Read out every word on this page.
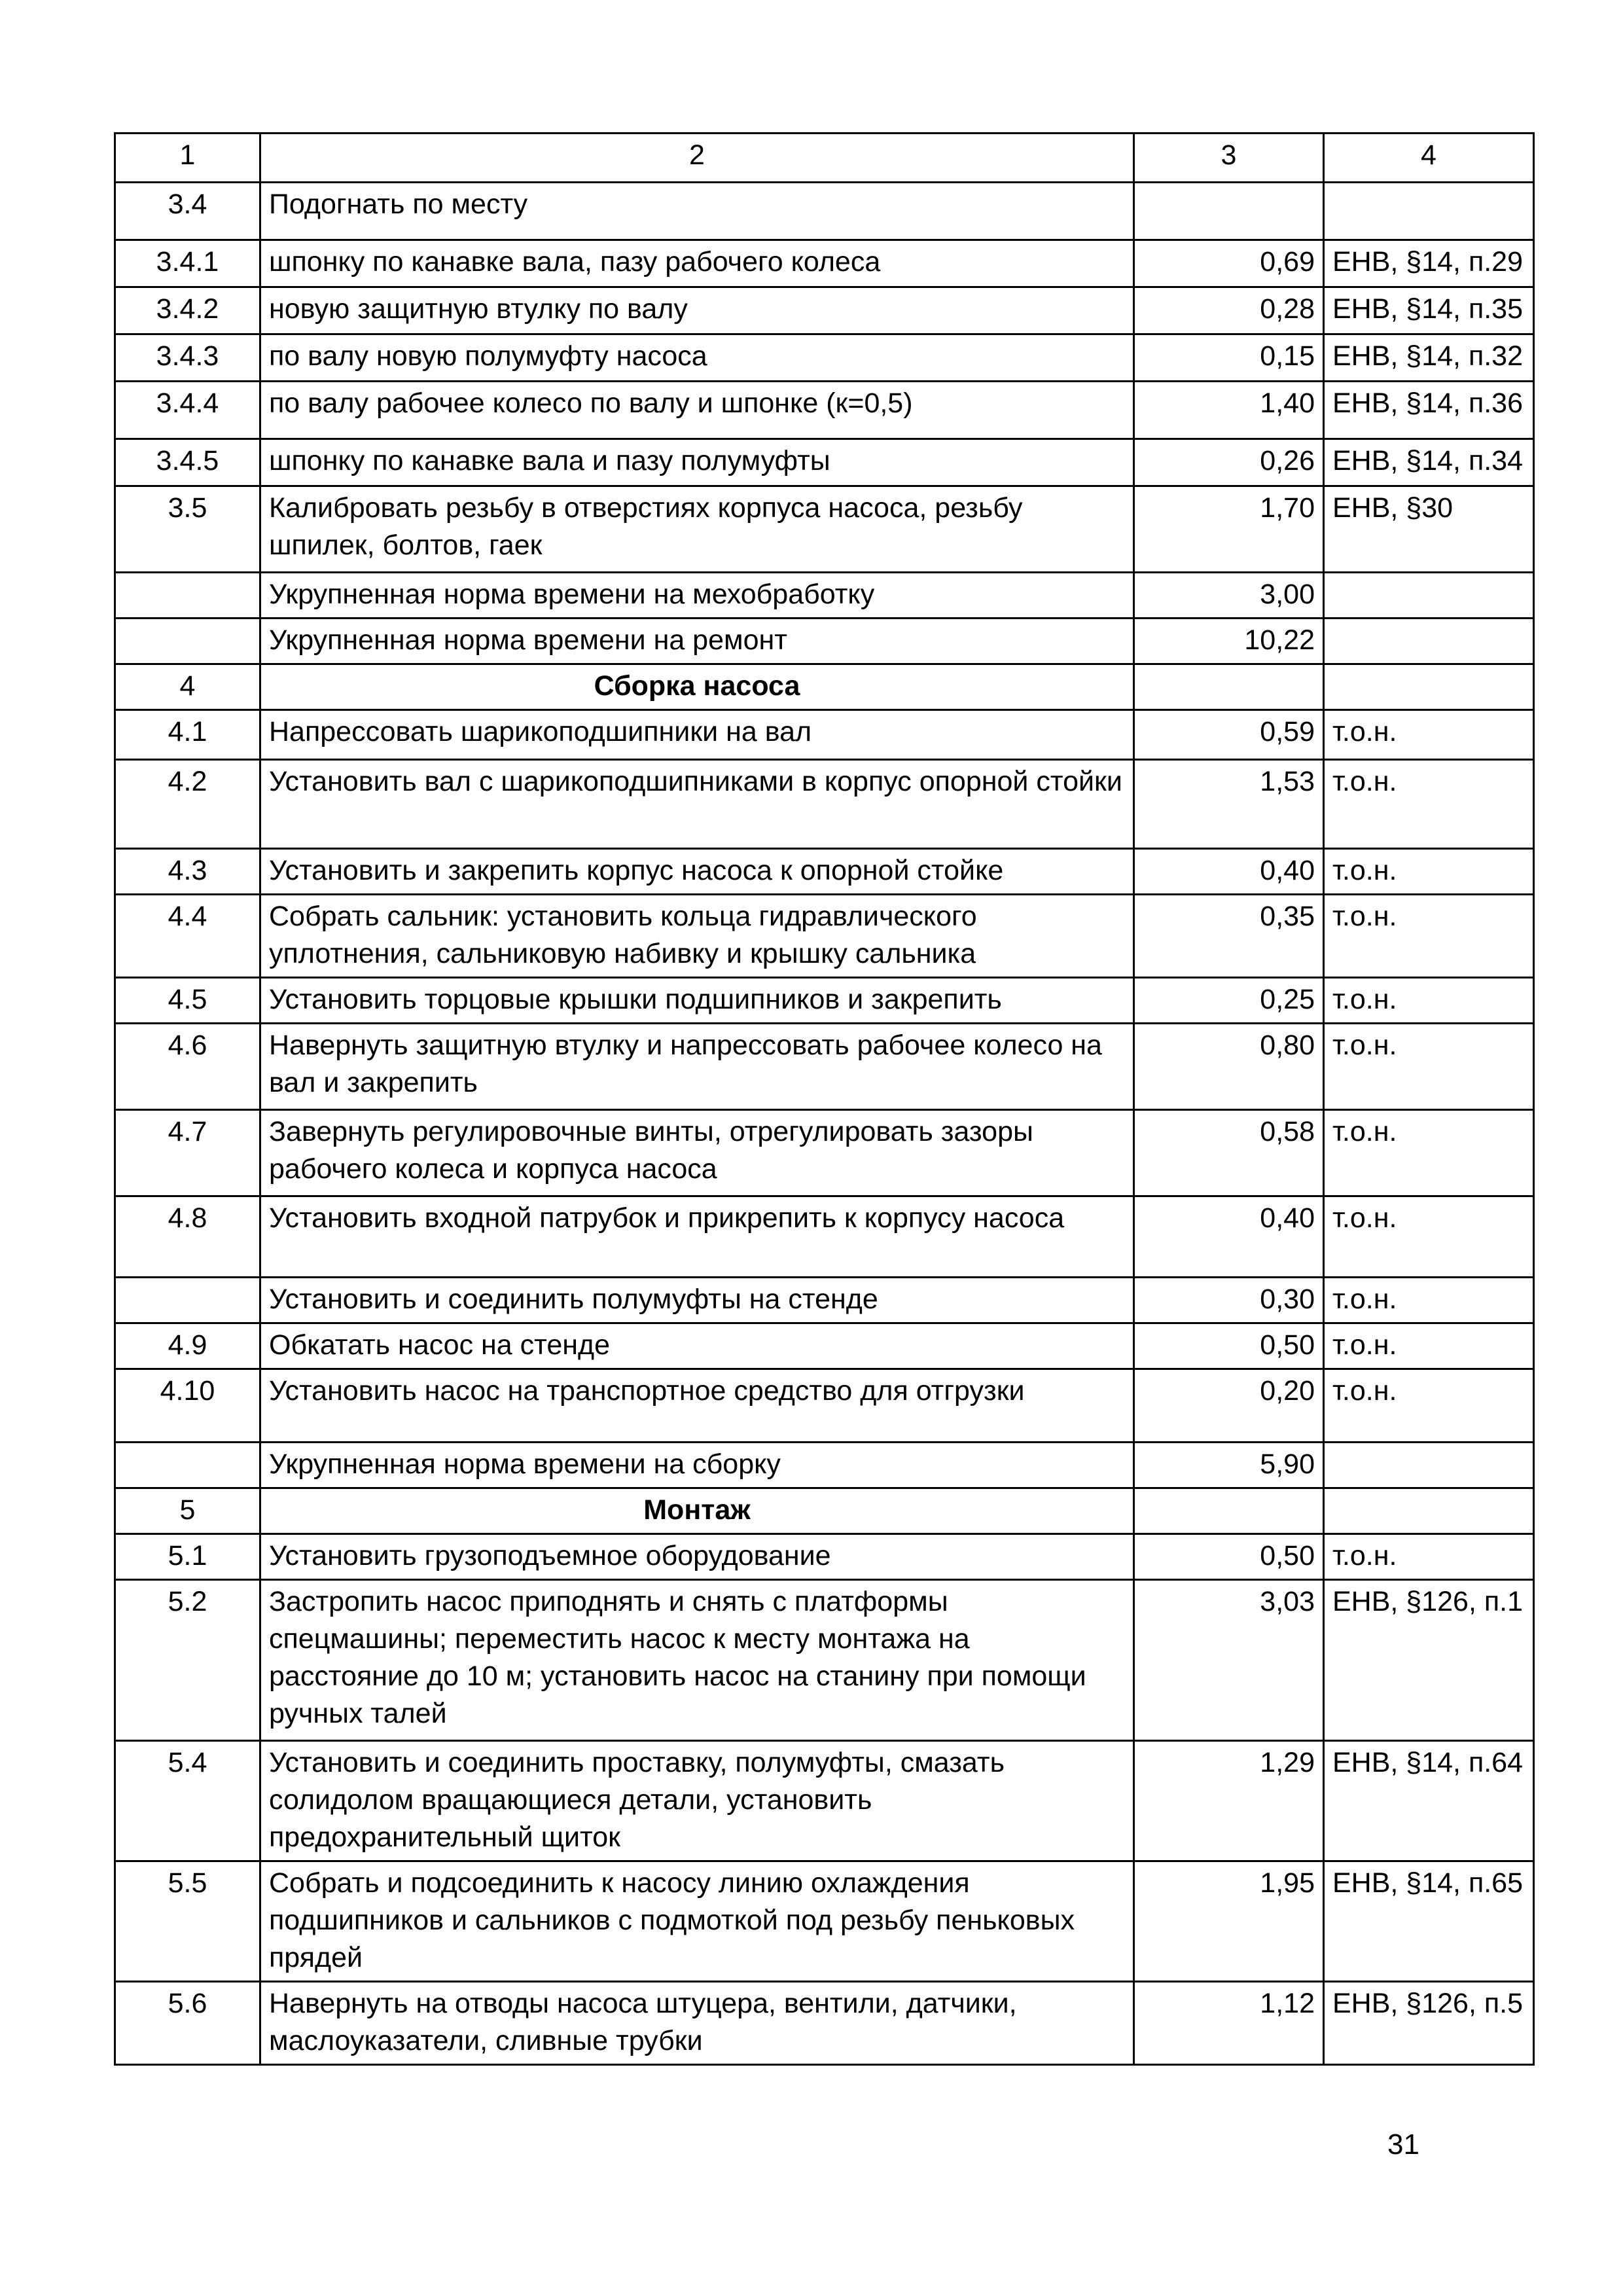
1	2	3	4
3.4	Подогнать по месту		
3.4.1	шпонку по канавке вала, пазу рабочего колеса	0,69	ЕНВ, §14, п.29
3.4.2	новую защитную втулку по валу	0,28	ЕНВ, §14, п.35
3.4.3	по валу новую полумуфту насоса	0,15	ЕНВ, §14, п.32
3.4.4	по валу рабочее колесо по валу и шпонке (к=0,5)	1,40	ЕНВ, §14, п.36
3.4.5	шпонку по канавке вала и пазу полумуфты	0,26	ЕНВ, §14, п.34
3.5	Калибровать резьбу в отверстиях корпуса насоса, резьбу шпилек, болтов, гаек	1,70	ЕНВ, §30
	Укрупненная норма времени на мехобработку	3,00	
	Укрупненная норма времени на ремонт	10,22	
4	Сборка насоса		
4.1	Напрессовать шарикоподшипники на вал	0,59	т.о.н.
4.2	Установить вал с шарикоподшипниками в корпус опорной стойки	1,53	т.о.н.
4.3	Установить и закрепить корпус насоса к опорной стойке	0,40	т.о.н.
4.4	Собрать сальник: установить кольца гидравлического уплотнения, сальниковую набивку и крышку сальника	0,35	т.о.н.
4.5	Установить торцовые крышки подшипников и закрепить	0,25	т.о.н.
4.6	Навернуть защитную втулку и напрессовать рабочее колесо на вал и закрепить	0,80	т.о.н.
4.7	Завернуть регулировочные винты, отрегулировать зазоры рабочего колеса и корпуса насоса	0,58	т.о.н.
4.8	Установить входной патрубок и прикрепить к корпусу насоса	0,40	т.о.н.
	Установить и соединить полумуфты на стенде	0,30	т.о.н.
4.9	Обкатать насос на стенде	0,50	т.о.н.
4.10	Установить насос на транспортное средство для отгрузки	0,20	т.о.н.
	Укрупненная норма времени на сборку	5,90	
5	Монтаж		
5.1	Установить грузоподъемное оборудование	0,50	т.о.н.
5.2	Застропить насос приподнять и снять с платформы спецмашины; переместить насос к месту монтажа на расстояние до 10 м; установить насос на станину при помощи ручных талей	3,03	ЕНВ, §126, п.1
5.4	Установить и соединить проставку, полумуфты, смазать солидолом вращающиеся детали, установить предохранительный щиток	1,29	ЕНВ, §14, п.64
5.5	Собрать и подсоединить к насосу линию охлаждения подшипников и сальников с подмоткой под резьбу пеньковых прядей	1,95	ЕНВ, §14, п.65
5.6	Навернуть на отводы насоса штуцера, вентили, датчики, маслоуказатели, сливные трубки	1,12	ЕНВ, §126, п.5
31
